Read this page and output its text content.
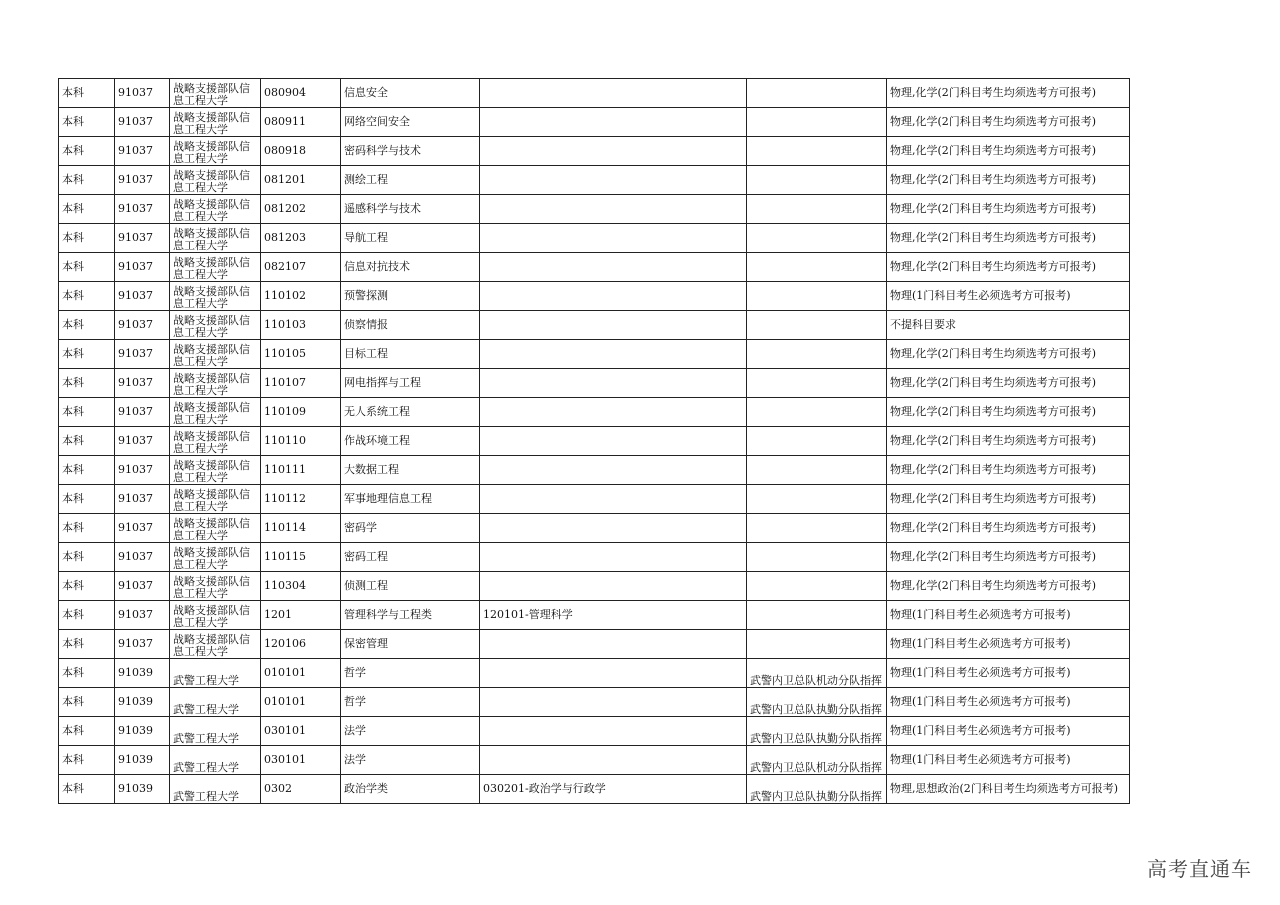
本科	91037	战略支援部队信息工程大学	080904	信息安全			物理,化学(2门科目考生均须选考方可报考)
本科	91037	战略支援部队信息工程大学	080911	网络空间安全			物理,化学(2门科目考生均须选考方可报考)
本科	91037	战略支援部队信息工程大学	080918	密码科学与技术			物理,化学(2门科目考生均须选考方可报考)
本科	91037	战略支援部队信息工程大学	081201	测绘工程			物理,化学(2门科目考生均须选考方可报考)
本科	91037	战略支援部队信息工程大学	081202	遥感科学与技术			物理,化学(2门科目考生均须选考方可报考)
本科	91037	战略支援部队信息工程大学	081203	导航工程			物理,化学(2门科目考生均须选考方可报考)
本科	91037	战略支援部队信息工程大学	082107	信息对抗技术			物理,化学(2门科目考生均须选考方可报考)
本科	91037	战略支援部队信息工程大学	110102	预警探测			物理(1门科目考生必须选考方可报考)
本科	91037	战略支援部队信息工程大学	110103	侦察情报			不提科目要求
本科	91037	战略支援部队信息工程大学	110105	目标工程			物理,化学(2门科目考生均须选考方可报考)
本科	91037	战略支援部队信息工程大学	110107	网电指挥与工程			物理,化学(2门科目考生均须选考方可报考)
本科	91037	战略支援部队信息工程大学	110109	无人系统工程			物理,化学(2门科目考生均须选考方可报考)
本科	91037	战略支援部队信息工程大学	110110	作战环境工程			物理,化学(2门科目考生均须选考方可报考)
本科	91037	战略支援部队信息工程大学	110111	大数据工程			物理,化学(2门科目考生均须选考方可报考)
本科	91037	战略支援部队信息工程大学	110112	军事地理信息工程			物理,化学(2门科目考生均须选考方可报考)
本科	91037	战略支援部队信息工程大学	110114	密码学			物理,化学(2门科目考生均须选考方可报考)
本科	91037	战略支援部队信息工程大学	110115	密码工程			物理,化学(2门科目考生均须选考方可报考)
本科	91037	战略支援部队信息工程大学	110304	侦测工程			物理,化学(2门科目考生均须选考方可报考)
本科	91037	战略支援部队信息工程大学	1201	管理科学与工程类	120101-管理科学		物理(1门科目考生必须选考方可报考)
本科	91037	战略支援部队信息工程大学	120106	保密管理			物理(1门科目考生必须选考方可报考)
本科	91039	武警工程大学	010101	哲学		武警内卫总队机动分队指挥	物理(1门科目考生必须选考方可报考)
本科	91039	武警工程大学	010101	哲学		武警内卫总队执勤分队指挥	物理(1门科目考生必须选考方可报考)
本科	91039	武警工程大学	030101	法学		武警内卫总队执勤分队指挥	物理(1门科目考生必须选考方可报考)
本科	91039	武警工程大学	030101	法学		武警内卫总队机动分队指挥	物理(1门科目考生必须选考方可报考)
本科	91039	武警工程大学	0302	政治学类	030201-政治学与行政学	武警内卫总队执勤分队指挥	物理,思想政治(2门科目考生均须选考方可报考)
高考直通车
